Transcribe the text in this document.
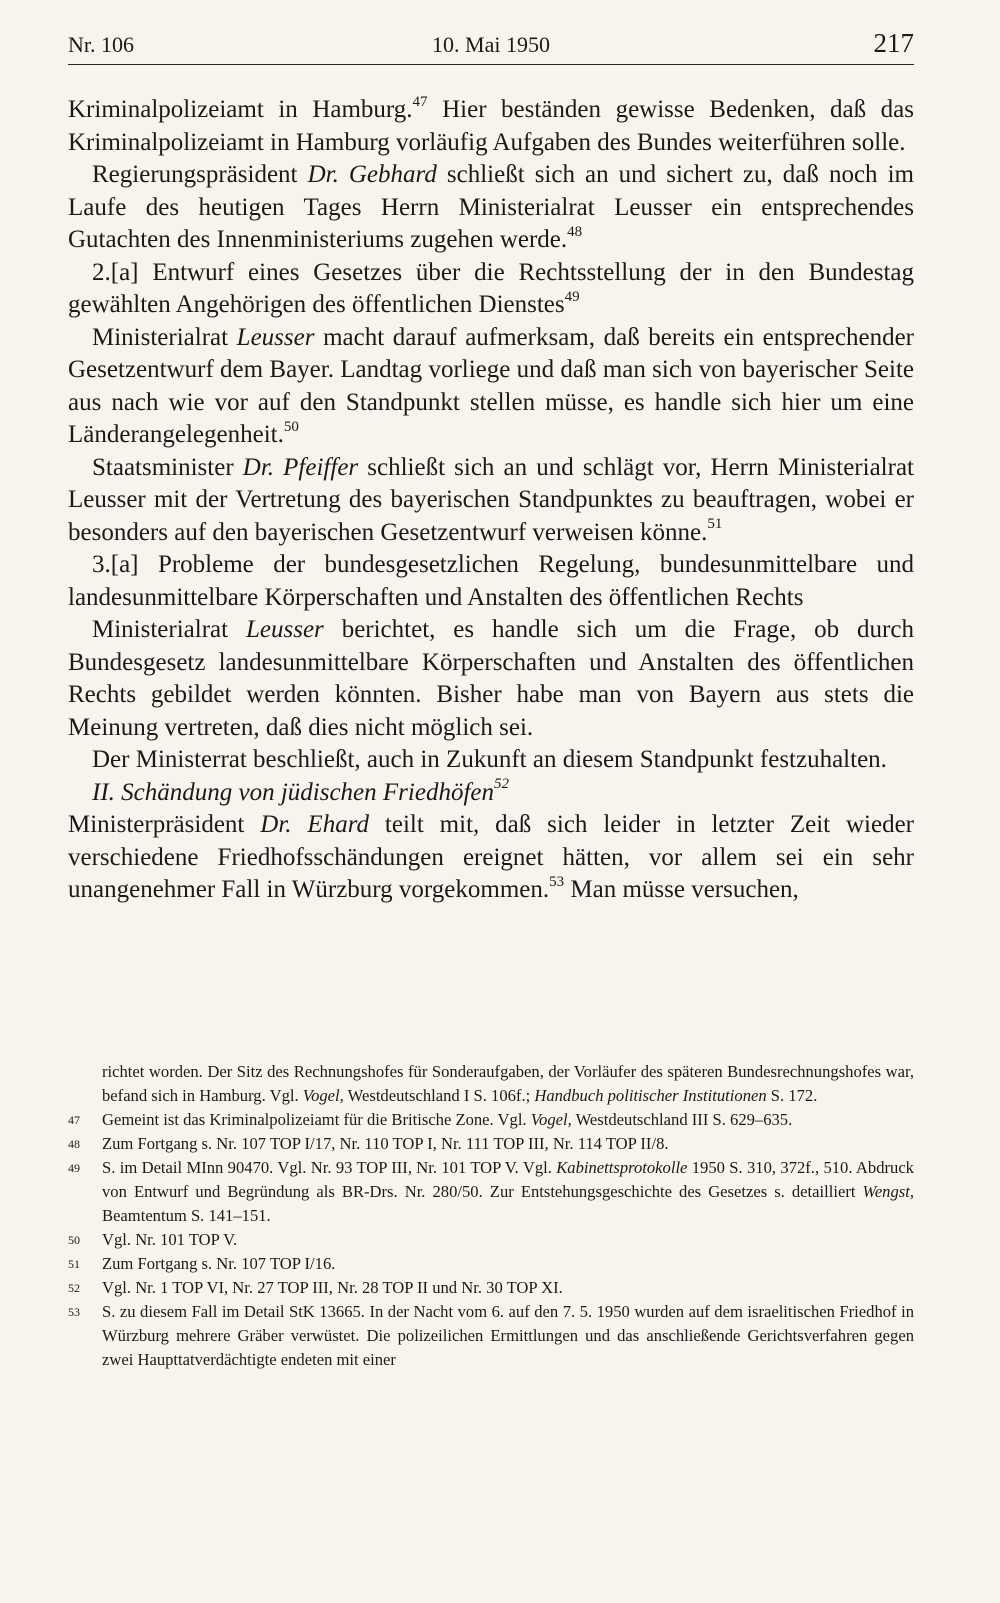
Nr. 106	10. Mai 1950	217

Kriminalpolizeiamt in Hamburg.$^{47}$ Hier beständen gewisse Bedenken, daß das Kriminalpolizeiamt in Hamburg vorläufig Aufgaben des Bundes weiterführen solle.

Regierungspräsident Dr. Gebhard schließt sich an und sichert zu, daß noch im Laufe des heutigen Tages Herrn Ministerialrat Leusser ein entsprechendes Gutachten des Innenministeriums zugehen werde.$^{48}$

2.[a] Entwurf eines Gesetzes über die Rechtsstellung der in den Bundestag gewählten Angehörigen des öffentlichen Dienstes$^{49}$

Ministerialrat Leusser macht darauf aufmerksam, daß bereits ein entsprechender Gesetzentwurf dem Bayer. Landtag vorliege und daß man sich von bayerischer Seite aus nach wie vor auf den Standpunkt stellen müsse, es handle sich hier um eine Länderangelegenheit.$^{50}$

Staatsminister Dr. Pfeiffer schließt sich an und schlägt vor, Herrn Ministerialrat Leusser mit der Vertretung des bayerischen Standpunktes zu beauftragen, wobei er besonders auf den bayerischen Gesetzentwurf verweisen könne.$^{51}$

3.[a] Probleme der bundesgesetzlichen Regelung, bundesunmittelbare und landesunmittelbare Körperschaften und Anstalten des öffentlichen Rechts

Ministerialrat Leusser berichtet, es handle sich um die Frage, ob durch Bundesgesetz landesunmittelbare Körperschaften und Anstalten des öffentlichen Rechts gebildet werden könnten. Bisher habe man von Bayern aus stets die Meinung vertreten, daß dies nicht möglich sei.

Der Ministerrat beschließt, auch in Zukunft an diesem Standpunkt festzuhalten.

II. Schändung von jüdischen Friedhöfen$^{52}$

Ministerpräsident Dr. Ehard teilt mit, daß sich leider in letzter Zeit wieder verschiedene Friedhofsschändungen ereignet hätten, vor allem sei ein sehr unangenehmer Fall in Würzburg vorgekommen.$^{53}$ Man müsse versuchen,

richtet worden. Der Sitz des Rechnungshofes für Sonderaufgaben, der Vorläufer des späteren Bundesrechnungshofes war, befand sich in Hamburg. Vgl. Vogel, Westdeutschland I S. 106f.; Handbuch politischer Institutionen S. 172.
47 Gemeint ist das Kriminalpolizeiamt für die Britische Zone. Vgl. Vogel, Westdeutschland III S. 629–635.
48 Zum Fortgang s. Nr. 107 TOP I/17, Nr. 110 TOP I, Nr. 111 TOP III, Nr. 114 TOP II/8.
49 S. im Detail MInn 90470. Vgl. Nr. 93 TOP III, Nr. 101 TOP V. Vgl. Kabinettsprotokolle 1950 S. 310, 372f., 510. Abdruck von Entwurf und Begründung als BR-Drs. Nr. 280/50. Zur Entstehungsgeschichte des Gesetzes s. detailliert Wengst, Beamtentum S. 141–151.
50 Vgl. Nr. 101 TOP V.
51 Zum Fortgang s. Nr. 107 TOP I/16.
52 Vgl. Nr. 1 TOP VI, Nr. 27 TOP III, Nr. 28 TOP II und Nr. 30 TOP XI.
53 S. zu diesem Fall im Detail StK 13665. In der Nacht vom 6. auf den 7. 5. 1950 wurden auf dem israelitischen Friedhof in Würzburg mehrere Gräber verwüstet. Die polizeilichen Ermittlungen und das anschließende Gerichtsverfahren gegen zwei Haupttatverdächtigte endeten mit einer
